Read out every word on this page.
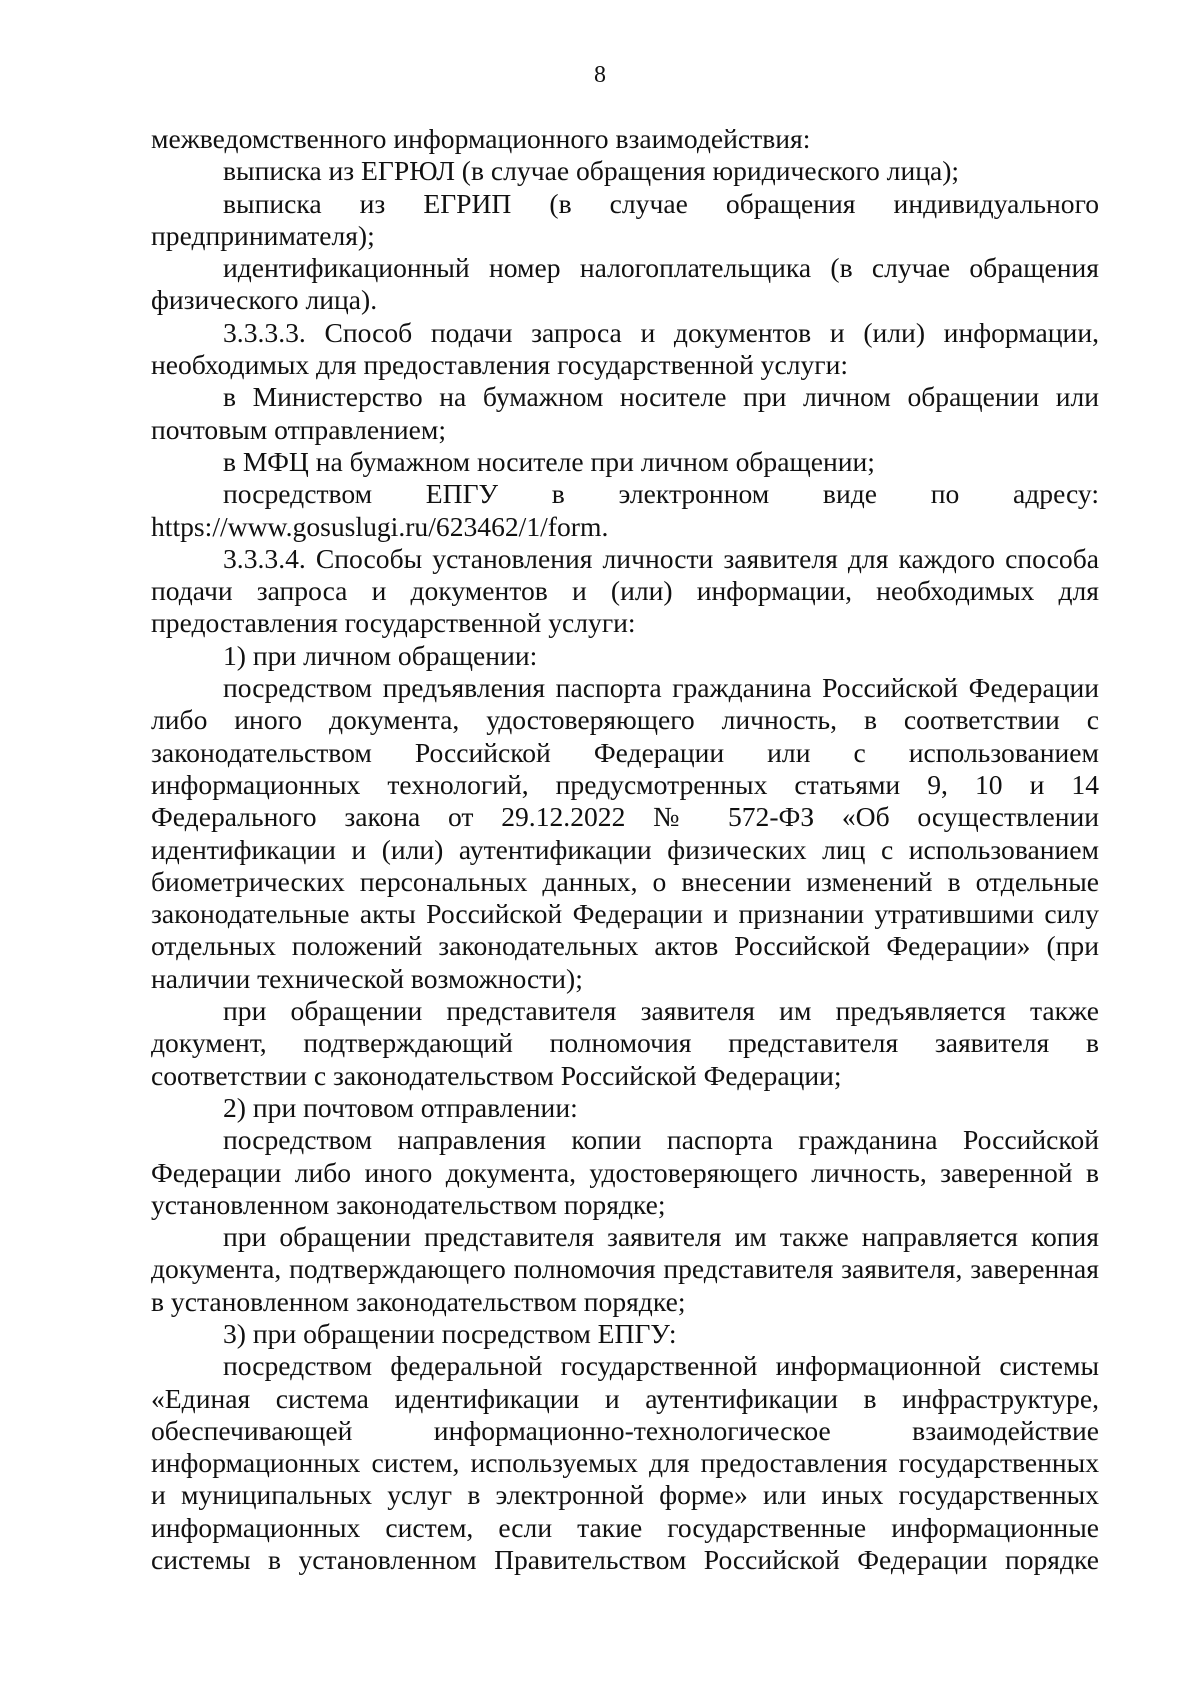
8

межведомственного информационного взаимодействия:

выписка из ЕГРЮЛ (в случае обращения юридического лица);

выписка из ЕГРИП (в случае обращения индивидуального предпринимателя);

идентификационный номер налогоплательщика (в случае обращения физического лица).

3.3.3.3. Способ подачи запроса и документов и (или) информации, необходимых для предоставления государственной услуги:

в Министерство на бумажном носителе при личном обращении или почтовым отправлением;

в МФЦ на бумажном носителе при личном обращении;

посредством ЕПГУ в электронном виде по адресу: https://www.gosuslugi.ru/623462/1/form.

3.3.3.4. Способы установления личности заявителя для каждого способа подачи запроса и документов и (или) информации, необходимых для предоставления государственной услуги:

1) при личном обращении:

посредством предъявления паспорта гражданина Российской Федерации либо иного документа, удостоверяющего личность, в соответствии с законодательством Российской Федерации или с использованием информационных технологий, предусмотренных статьями 9, 10 и 14 Федерального закона от 29.12.2022 № 572-ФЗ «Об осуществлении идентификации и (или) аутентификации физических лиц с использованием биометрических персональных данных, о внесении изменений в отдельные законодательные акты Российской Федерации и признании утратившими силу отдельных положений законодательных актов Российской Федерации» (при наличии технической возможности);

при обращении представителя заявителя им предъявляется также документ, подтверждающий полномочия представителя заявителя в соответствии с законодательством Российской Федерации;

2) при почтовом отправлении:

посредством направления копии паспорта гражданина Российской Федерации либо иного документа, удостоверяющего личность, заверенной в установленном законодательством порядке;

при обращении представителя заявителя им также направляется копия документа, подтверждающего полномочия представителя заявителя, заверенная в установленном законодательством порядке;

3) при обращении посредством ЕПГУ:

посредством федеральной государственной информационной системы «Единая система идентификации и аутентификации в инфраструктуре, обеспечивающей информационно-технологическое взаимодействие информационных систем, используемых для предоставления государственных и муниципальных услуг в электронной форме» или иных государственных информационных систем, если такие государственные информационные системы в установленном Правительством Российской Федерации порядке
